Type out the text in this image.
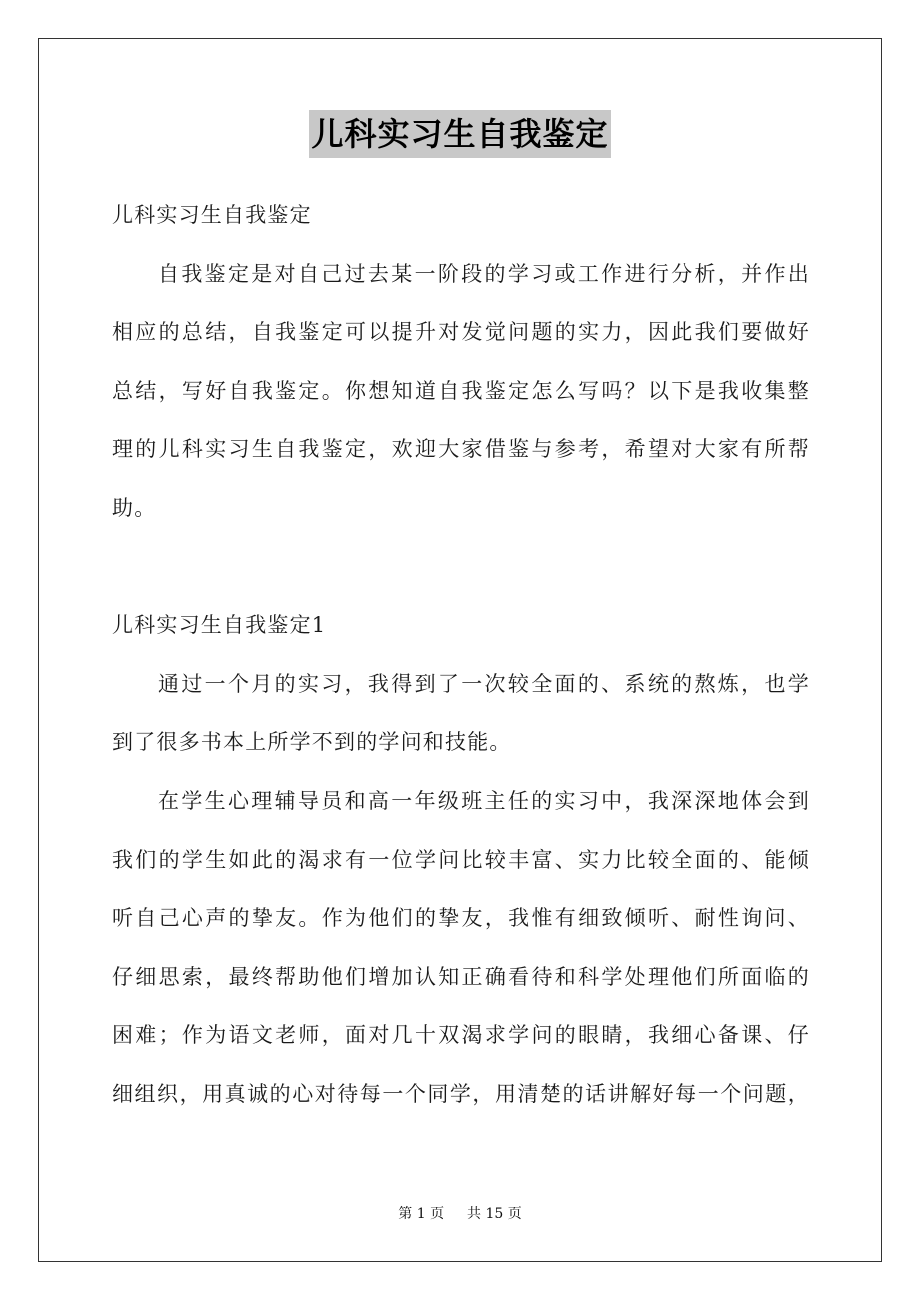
儿科实习生自我鉴定
儿科实习生自我鉴定
自我鉴定是对自己过去某一阶段的学习或工作进行分析，并作出
相应的总结，自我鉴定可以提升对发觉问题的实力，因此我们要做好
总结，写好自我鉴定。你想知道自我鉴定怎么写吗？以下是我收集整
理的儿科实习生自我鉴定，欢迎大家借鉴与参考，希望对大家有所帮
助。
儿科实习生自我鉴定1
通过一个月的实习，我得到了一次较全面的、系统的熬炼，也学
到了很多书本上所学不到的学问和技能。
在学生心理辅导员和高一年级班主任的实习中，我深深地体会到
我们的学生如此的渴求有一位学问比较丰富、实力比较全面的、能倾
听自己心声的挚友。作为他们的挚友，我惟有细致倾听、耐性询问、
仔细思索，最终帮助他们增加认知正确看待和科学处理他们所面临的
困难；作为语文老师，面对几十双渴求学问的眼睛，我细心备课、仔
细组织，用真诚的心对待每一个同学，用清楚的话讲解好每一个问题，
第 1 页 共 15 页
